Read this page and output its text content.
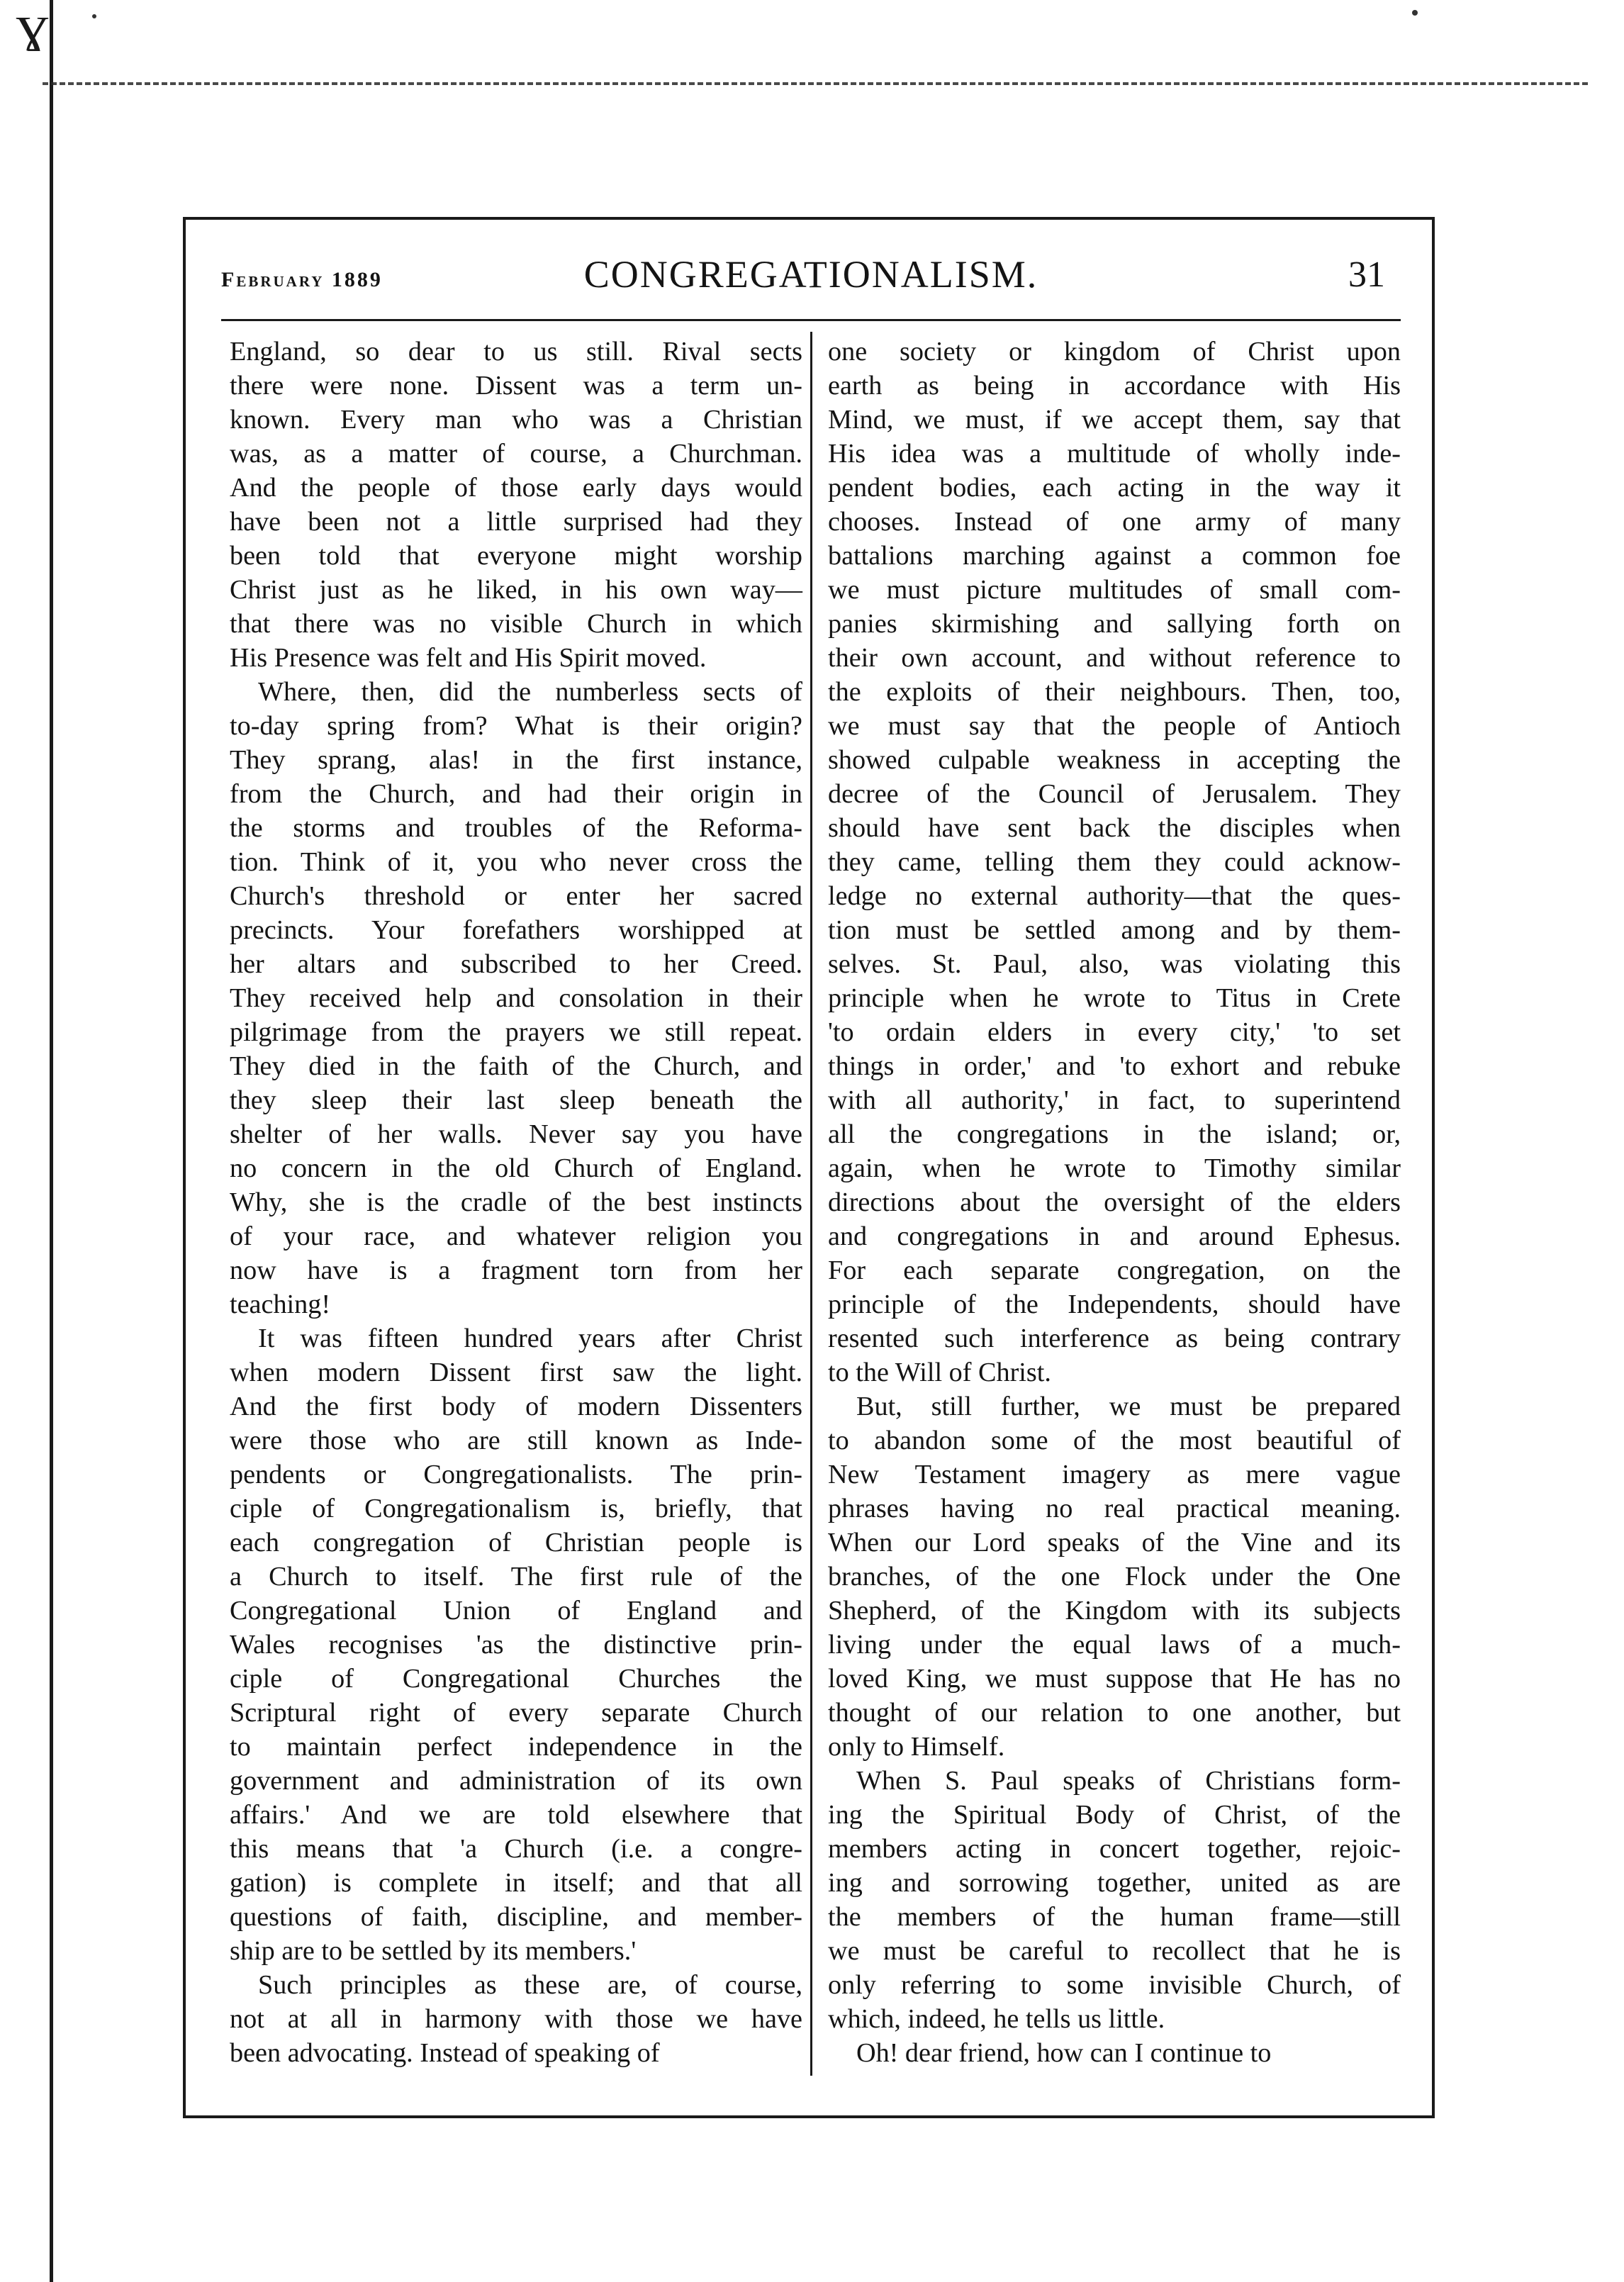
ɣ
February 1889	CONGREGATIONALISM.	31
England, so dear to us still. Rival sects
there were none. Dissent was a term un-
known. Every man who was a Christian
was, as a matter of course, a Churchman.
And the people of those early days would
have been not a little surprised had they
been told that everyone might worship
Christ just as he liked, in his own way—
that there was no visible Church in which
His Presence was felt and His Spirit moved.
Where, then, did the numberless sects of
to-day spring from? What is their origin?
They sprang, alas! in the first instance,
from the Church, and had their origin in
the storms and troubles of the Reforma-
tion. Think of it, you who never cross the
Church's threshold or enter her sacred
precincts. Your forefathers worshipped at
her altars and subscribed to her Creed.
They received help and consolation in their
pilgrimage from the prayers we still repeat.
They died in the faith of the Church, and
they sleep their last sleep beneath the
shelter of her walls. Never say you have
no concern in the old Church of England.
Why, she is the cradle of the best instincts
of your race, and whatever religion you
now have is a fragment torn from her
teaching!
It was fifteen hundred years after Christ
when modern Dissent first saw the light.
And the first body of modern Dissenters
were those who are still known as Inde-
pendents or Congregationalists. The prin-
ciple of Congregationalism is, briefly, that
each congregation of Christian people is
a Church to itself. The first rule of the
Congregational Union of England and
Wales recognises 'as the distinctive prin-
ciple of Congregational Churches the
Scriptural right of every separate Church
to maintain perfect independence in the
government and administration of its own
affairs.' And we are told elsewhere that
this means that 'a Church (i.e. a congre-
gation) is complete in itself; and that all
questions of faith, discipline, and member-
ship are to be settled by its members.'
Such principles as these are, of course,
not at all in harmony with those we have
been advocating. Instead of speaking of
one society or kingdom of Christ upon
earth as being in accordance with His
Mind, we must, if we accept them, say that
His idea was a multitude of wholly inde-
pendent bodies, each acting in the way it
chooses. Instead of one army of many
battalions marching against a common foe
we must picture multitudes of small com-
panies skirmishing and sallying forth on
their own account, and without reference to
the exploits of their neighbours. Then, too,
we must say that the people of Antioch
showed culpable weakness in accepting the
decree of the Council of Jerusalem. They
should have sent back the disciples when
they came, telling them they could acknow-
ledge no external authority—that the ques-
tion must be settled among and by them-
selves. St. Paul, also, was violating this
principle when he wrote to Titus in Crete
'to ordain elders in every city,' 'to set
things in order,' and 'to exhort and rebuke
with all authority,' in fact, to superintend
all the congregations in the island; or,
again, when he wrote to Timothy similar
directions about the oversight of the elders
and congregations in and around Ephesus.
For each separate congregation, on the
principle of the Independents, should have
resented such interference as being contrary
to the Will of Christ.
But, still further, we must be prepared
to abandon some of the most beautiful of
New Testament imagery as mere vague
phrases having no real practical meaning.
When our Lord speaks of the Vine and its
branches, of the one Flock under the One
Shepherd, of the Kingdom with its subjects
living under the equal laws of a much-
loved King, we must suppose that He has no
thought of our relation to one another, but
only to Himself.
When S. Paul speaks of Christians form-
ing the Spiritual Body of Christ, of the
members acting in concert together, rejoic-
ing and sorrowing together, united as are
the members of the human frame—still
we must be careful to recollect that he is
only referring to some invisible Church, of
which, indeed, he tells us little.
Oh! dear friend, how can I continue to
